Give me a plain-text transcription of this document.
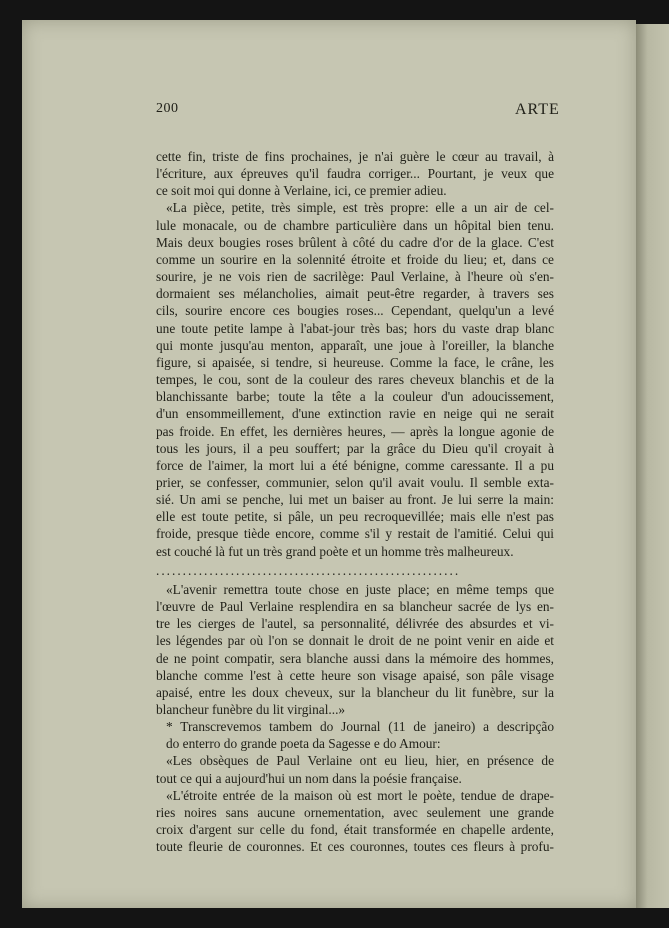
200	ARTE
cette fin, triste de fins prochaines, je n'ai guère le cœur au travail, à
l'écriture, aux épreuves qu'il faudra corriger... Pourtant, je veux que
ce soit moi qui donne à Verlaine, ici, ce premier adieu.
«La pièce, petite, très simple, est très propre: elle a un air de cel-
lule monacale, ou de chambre particulière dans un hôpital bien tenu.
Mais deux bougies roses brûlent à côté du cadre d'or de la glace. C'est
comme un sourire en la solennité étroite et froide du lieu; et, dans ce
sourire, je ne vois rien de sacrilège: Paul Verlaine, à l'heure où s'en-
dormaient ses mélancholies, aimait peut-être regarder, à travers ses
cils, sourire encore ces bougies roses... Cependant, quelqu'un a levé
une toute petite lampe à l'abat-jour très bas; hors du vaste drap blanc
qui monte jusqu'au menton, apparaît, une joue à l'oreiller, la blanche
figure, si apaisée, si tendre, si heureuse. Comme la face, le crâne, les
tempes, le cou, sont de la couleur des rares cheveux blanchis et de la
blanchissante barbe; toute la tête a la couleur d'un adoucissement,
d'un ensommeillement, d'une extinction ravie en neige qui ne serait
pas froide. En effet, les dernières heures, — après la longue agonie de
tous les jours, il a peu souffert; par la grâce du Dieu qu'il croyait à
force de l'aimer, la mort lui a été bénigne, comme caressante. Il a pu
prier, se confesser, communier, selon qu'il avait voulu. Il semble exta-
sié. Un ami se penche, lui met un baiser au front. Je lui serre la main:
elle est toute petite, si pâle, un peu recroquevillée; mais elle n'est pas
froide, presque tiède encore, comme s'il y restait de l'amitié. Celui qui
est couché là fut un très grand poète et un homme très malheureux.
.........................................................
«L'avenir remettra toute chose en juste place; en même temps que
l'œuvre de Paul Verlaine resplendira en sa blancheur sacrée de lys en-
tre les cierges de l'autel, sa personnalité, délivrée des absurdes et vi-
les légendes par où l'on se donnait le droit de ne point venir en aide et
de ne point compatir, sera blanche aussi dans la mémoire des hommes,
blanche comme l'est à cette heure son visage apaisé, son pâle visage
apaisé, entre les doux cheveux, sur la blancheur du lit funèbre, sur la
blancheur funèbre du lit virginal...»
* Transcrevemos tambem do Journal (11 de janeiro) a descripção
do enterro do grande poeta da Sagesse e do Amour:
«Les obsèques de Paul Verlaine ont eu lieu, hier, en présence de
tout ce qui a aujourd'hui un nom dans la poésie française.
«L'étroite entrée de la maison où est mort le poète, tendue de drape-
ries noires sans aucune ornementation, avec seulement une grande
croix d'argent sur celle du fond, était transformée en chapelle ardente,
toute fleurie de couronnes. Et ces couronnes, toutes ces fleurs à profu-
